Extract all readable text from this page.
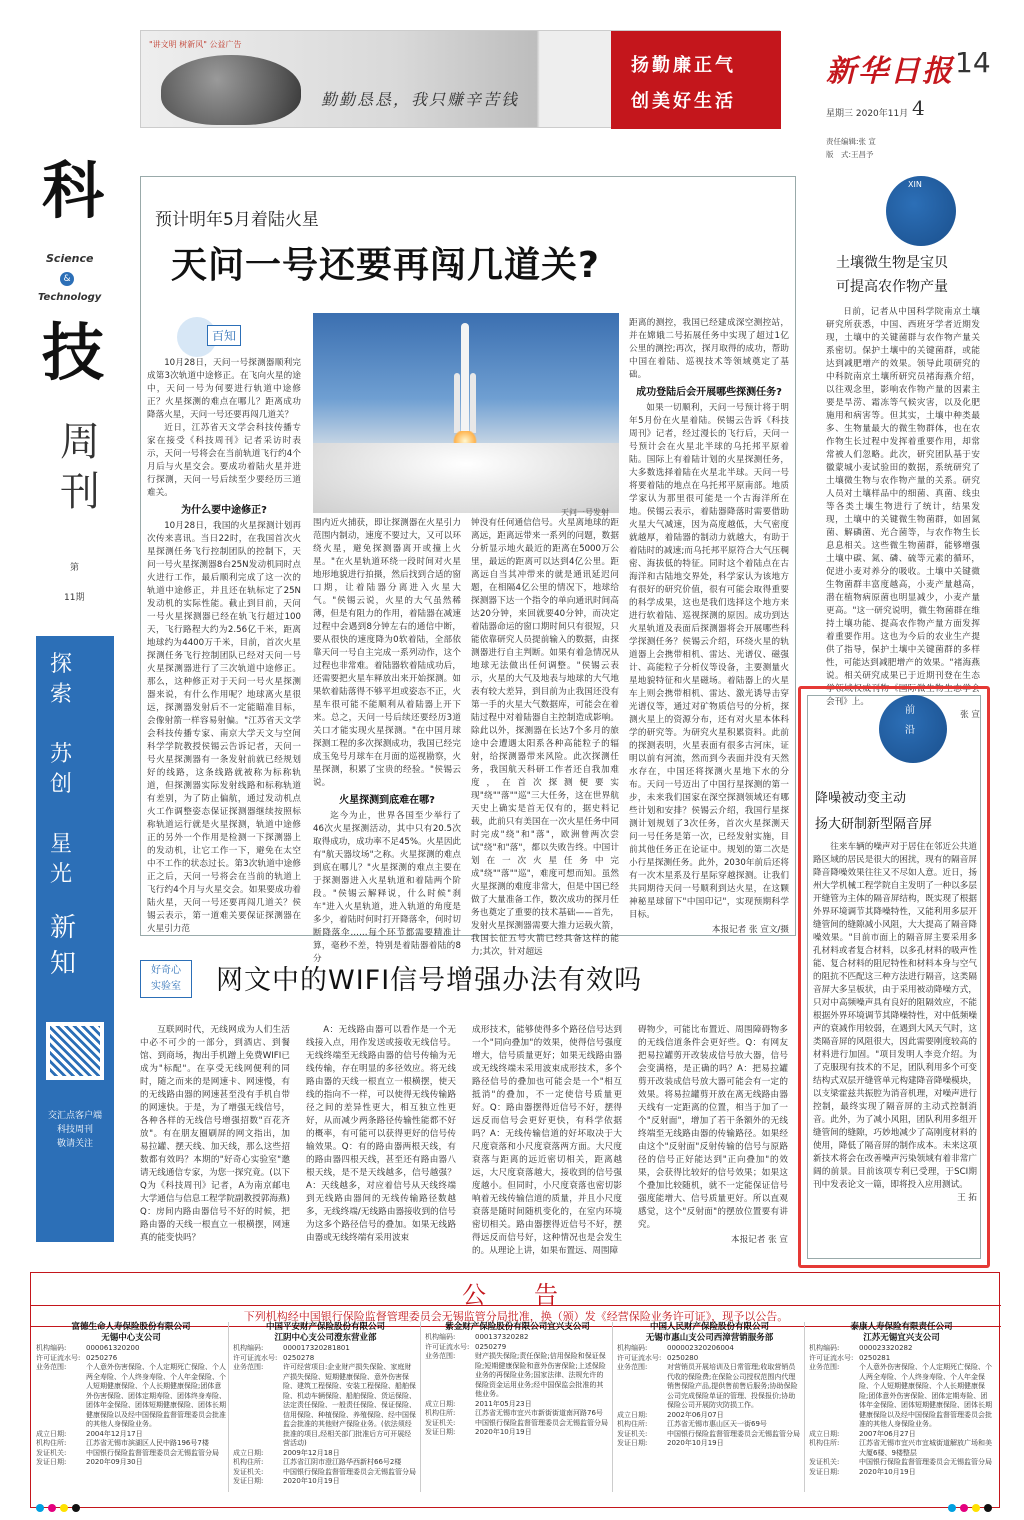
"讲文明 树新风" 公益广告
勤勤恳恳，我只赚辛苦钱
扬勤廉正气
创美好生活
新华日报 14
星期三 2020年11月 4
责任编辑:张 宣
版　式:王昌予
科
Science
&
Technology
技
周
刊
第
11期
探索
苏创
星光
新知
交汇点客户端
科技周刊
敬请关注
预计明年5月着陆火星
天问一号还要再闯几道关?
百知

10月28日，天问一号探测器顺利完成第3次轨道中途修正。在飞向火星的途中，天问一号为何要进行轨道中途修正？火星探测的难点在哪儿？距离成功降落火星，天问一号还要再闯几道关？

近日，江苏省天文学会科技传播专家在接受《科技周刊》记者采访时表示，天问一号将会在当前轨道飞行约4个月后与火星交会。要成功着陆火星并进行探测，天问一号后续至少要经历三道难关。

为什么要中途修正?

10月28日，我国的火星探测计划再次传来喜讯。当日22时，在我国首次火星探测任务飞行控制团队的控制下，天问一号火星探测器8台25N发动机同时点火进行工作，最后顺利完成了这一次的轨道中途修正，并且还在轨标定了25N发动机的实际性能。截止到目前，天问一号火星探测器已经在轨飞行超过100天，飞行路程大约为2.56亿千米，距离地球约为4400万千米，目前，首次火星探测任务飞行控制团队已经对天问一号火星探测器进行了三次轨道中途修正。那么，这种修正对于天问一号火星探测器来说，有什么作用呢？地球离火星很远，探测器发射后不一定能瞄准目标，会像射箭一样容易射偏。"江苏省天文学会科技传播专家、南京大学天文与空间科学学院教授侯锡云告诉记者，天问一号火星探测器有一条发射前就已经规划好的线路，这条线路就被称为标称轨道，但探测器实际发射线路和标称轨道有差别，为了防止偏航，通过发动机点火工作调整姿态保证探测器继续按照标称轨道运行就是火星探测，轨道中途修正的另外一个作用是检测一下探测器上的发动机，让它工作一下，避免在太空中不工作的状态过长。第3次轨道中途修正之后，天问一号将会在当前的轨道上飞行约4个月与火星交会。如果要成功着陆火星，天问一号还要再闯几道关？侯锡云表示，第一道难关要保证探测器在火星引力范

天问一号发射

围内近火捕获，即让探测器在火星引力范围内制动，速度不要过大，又可以环绕火星，避免探测器离开或撞上火星。"在火星轨道环绕一段时间对火星地形地貌进行拍摄，然后找到合适的窗口期，让着陆器分离进入火星大气。"侯锡云说，火星的大气虽然稀薄，但是有阻力的作用，着陆器在减速过程中会遇到8分钟左右的通信中断，要从很快的速度降为0软着陆，全部依靠天问一号自主完成一系列动作，这个过程也非常难。着陆器软着陆成功后，还需要把火星车释放出来开始探测。如果软着陆落得不够平坦或姿态不正，火星车很可能不能顺利从着陆器上开下来。总之，天问一号后续还要经历3道关口才能实现火星探测。"在中国月球探测工程的多次探测成功，我国已经完成玉兔号月球车在月面的巡视勘察，火星探测，积累了宝贵的经验。"侯锡云说。

火星探测到底难在哪?

迄今为止，世界各国至少举行了46次火星探测活动，其中只有20.5次取得成功，成功率不足45%。火星因此有"航天器坟场"之称。火星探测的难点到底在哪儿？"火星探测的难点主要在于探测器进入火星轨道和着陆两个阶段。"侯锡云解释说，什么时候"刹车"进入火星轨道，进入轨道的角度是多少，着陆时何时打开降落伞，何时切断降落伞……每个环节都需要精准计算，毫秒不差，特别是着陆器着陆的8分

钟没有任何通信信号。火星离地球的距离远，距离远带来一系列的问题，数据分析显示地火最近的距离在5000万公里，最远的距离可以达到4亿公里。距离远自当其冲带来的就是通讯延迟问题，在相隔4亿公里的情况下，地球给探测器下达一个指令的单向通讯时间高达20分钟，来回就要40分钟，而决定着陆器命运的窗口期时间只有很短，只能依靠研究人员提前输入的数据，由探测器进行自主判断。如果有着急情况从地球无法做出任何调整。"侯锡云表示，火星的大气及地表与地球的大气地表有较大差异，到目前为止我国还没有第一手的火星大气数据库，可能会在着陆过程中对着陆器自主控制造成影响。除此以外，探测器在长达7个多月的旅途中会遭遇太阳系各种高能粒子的辐射，给探测器带来风险。此次探测任务，我国航天科研工作者还自我加难度，在首次探测便要实现"绕""落""巡"三大任务，这在世界航天史上确实是首无仅有的，据史料记载，此前只有美国在一次火星任务中同时完成"绕"和"落"，欧洲曾两次尝试"绕"和"落"，都以失败告终。中国计划在一次火星任务中完成"绕""落""巡"，难度可想而知。虽然火星探测的难度非常大，但是中国已经做了大量准备工作，数次成功的探月任务也奠定了重要的技术基础——首先，发射火星探测器需要大推力运载火箭，我国长征五号火箭已经具备这样的能力;其次，针对超远

距离的测控，我国已经建成深空测控站，并在嫦娥二号拓展任务中实现了超过1亿公里的测控;再次，探月取得的成功，帮助中国在着陆、巡视技术等领域奠定了基础。

成功登陆后会开展哪些探测任务?

如果一切顺利，天问一号预计将于明年5月份在火星着陆。侯锡云告诉《科技周刊》记者，经过漫长的飞行后，天问一号预计会在火星北半球的乌托邦平原着陆。国际上有着陆计划的火星探测任务，大多数选择着陆在火星北半球。天问一号将要着陆的地点在乌托邦平原南部。地质学家认为那里很可能是一个古海洋所在地。侯锡云表示，着陆器降落时需要借助火星大气减速，因为高度越低，大气密度就越厚，着陆器的制动力就越大，有助于着陆时的减速;而乌托邦平原符合大气压稠密、海拔低的特征。同时这个着陆点在古海洋和古陆地交界处，科学家认为该地方有很好的研究价值，很有可能会取得重要的科学成果，这也是我们选择这个地方来进行软着陆、巡视探测的原因。成功到达火星轨道及表面后探测器将会开展哪些科学探测任务？侯锡云介绍，环绕火星的轨道器上会携带相机、雷达、光谱仪、磁强计、高能粒子分析仪等设备，主要测量火星地貌特征和火星磁场。着陆器上的火星车上则会携带相机、雷达、激光诱导击穿光谱仪等，通过对矿物质信号的分析，探测火星上的资源分布，还有对火星本体科学的研究等。为研究火星积累资料。此前的探测表明，火星表面有很多古河床，证明以前有河流，然而到今表面并没有天然水存在，中国还将探测火星地下水的分布。天问一号迈出了中国行星探测的第一步，未来我们国家在深空探测领域还有哪些计划和安排？侯锡云介绍，我国行星探测计划规划了3次任务，首次火星探测天问一号任务是第一次，已经发射实施，目前其他任务正在论证中。规划的第二次是小行星探测任务。此外，2030年前后还将有一次木星系及行星际穿越探测。让我们共同期待天问一号顺利到达火星，在这颗神秘星球留下"中国印记"，实现预期科学目标。

本报记者 张 宣文/摄
好奇心
实验室	网文中的WIFI信号增强办法有效吗

互联网时代，无线网成为人们生活中必不可少的一部分，到酒店、到餐馆、到商场，掏出手机蹭上免费WIFI已成为"标配"。在享受无线网便利的同时，随之而来的是网速卡、网速慢，有的无线路由器的网速甚至没有手机自带的网速快。于是，为了增强无线信号，各种各样的无线信号增强招数"百花齐放"。有在朋友圈刷屏的网文指出，加易拉罐、摆天线、加天线，那么这些招数都有效吗？本期的"好奇心实验室"邀请无线通信专家，为您一探究竟。(以下Q为《科技周刊》记者，A为南京邮电大学通信与信息工程学院副教授郭海燕) Q：房间内路由器信号不好的时候，把路由器的天线一根直立一根横摆，网速真的能变快吗？

A：无线路由器可以看作是一个无线接入点，用作发送或接收无线信号。无线终端至无线路由器的信号传输为无线传输，存在明显的多径效应。将无线路由器的天线一根直立一根横摆，使天线的指向不一样，可以使得无线传输路径之间的差异性更大，相互独立性更好，从而减少两条路径传输性能都不好的概率，有可能可以获得更好的信号传输效果。Q：有的路由器两根天线，有的路由器四根天线，甚至还有路由器八根天线，是不是天线越多，信号越强？A：天线越多，对应着信号从天线终端到无线路由器间的无线传输路径数越多，无线终端/无线路由器接收到的信号为这多个路径信号的叠加。如果无线路由器或无线终端有采用波束

成形技术，能够使得多个路径信号达到一个"同向叠加"的效果，使得信号强度增大，信号质量更好；如果无线路由器或无线终端未采用波束成形技术，多个路径信号的叠加也可能会是一个"相互抵消"的叠加，不一定使信号质量更好。Q：路由器摆得近信号不好，摆得远反而信号会更好更快，有科学依据吗？A：无线传输信道的好坏取决于大尺度衰落和小尺度衰落两方面。大尺度衰落与距离的远近密切相关，距离越远，大尺度衰落越大，接收到的信号强度越小。但同时，小尺度衰落也密切影响着无线传输信道的质量，并且小尺度衰落是随时间随机变化的，在室内环境密切相关。路由器摆得近信号不好，摆得远反而信号好，这种情况也是会发生的。从理论上讲，如果布置远、周围障

碍物少，可能比布置近、周围障碍物多的无线信道条件会更好些。Q：有网友把易拉罐剪开改装成信号放大器，信号会变满格，是正确的吗？A：把易拉罐剪开改装成信号放大器可能会有一定的效果。将易拉罐剪开放在离无线路由器天线有一定距离的位置，相当于加了一个"反射面"，增加了若干条额外的无线终端至无线路由器的传输路径。如果经由这个"反射面"反射传输的信号与原路径的信号正好能达到"正向叠加"的效果，会获得比较好的信号效果；如果这个叠加比较随机，就不一定能保证信号强度能增大、信号质量更好。所以直观感觉，这个"反射面"的摆放位置要有讲究。

本报记者 张 宣
XIN
土壤微生物是宝贝
可提高农作物产量

日前，记者从中国科学院南京土壤研究所获悉，中国、西班牙学者近期发现，土壤中的关键菌群与农作物产量关系密切。保护土壤中的关键菌群，或能达到减肥增产的效果。领导此项研究的中科院南京土壤所研究员褚海燕介绍，以往观念里，影响农作物产量的因素主要是旱涝、霜冻等气候灾害，以及化肥施用和病害等。但其实，土壤中种类最多、生物量最大的微生物群体，也在农作物生长过程中发挥着重要作用，却常常被人们忽略。此次，研究团队基于安徽蒙城小麦试验田的数据，系统研究了土壤微生物与农作物产量的关系。研究人员对土壤样品中的细菌、真菌、线虫等各类土壤生物进行了统计，结果发现，土壤中的关键微生物菌群，如固氮菌、解磷菌、光合菌等，与农作物生长息息相关。这些微生物菌群，能够增强土壤中碳、氮、磷、硫等元素的循环，促进小麦对养分的吸收。土壤中关键微生物菌群丰富度越高，小麦产量越高，潜在植物病原菌也明显减少，小麦产量更高。"这一研究说明，微生物菌群在维持土壤功能、提高农作物产量方面发挥着重要作用。这也为今后的农业生产提供了指导，保护土壤中关键菌群的多样性，可能达到减肥增产的效果。"褚海燕说。相关研究成果已于近期刊登在生态学领域权威刊物《国际微生物生态学会会刊》上。

张 宣
前
沿
降噪被动变主动
扬大研制新型隔音屏

往来车辆的噪声对于居住在邻近公共道路区域的居民是很大的困扰，现有的隔音屏降音降噪效果往往又不尽如人意。近日，扬州大学机械工程学院自主发明了一种以多层开缝管为主体的隔音屏结构，既实现了根据外界环境调节其降噪特性，又能利用多层开缝管间的缝隙减小风阻，大大提高了隔音降噪效果。"目前市面上的隔音屏主要采用多孔材料或者复合材料，以多孔材料的吸声性能、复合材料的阻尼特性和材料本身与空气的阻抗不匹配这三种方法进行隔音，这类隔音屏大多呈板状，由于采用被动降噪方式，只对中高频噪声具有良好的阻隔效应，不能根据外界环境调节其降噪特性，对中低频噪声的衰减作用较弱，在遇到大风天气时，这类隔音屏的风阻很大，因此需要刚度较高的材料进行加固。"项目发明人李竞介绍。为了克服现有技术的不足，团队利用多个可变结构式双层开缝管单元构建降音降噪模块，以支梁霍兹共振腔为消音机理，对噪声进行控制，最终实现了隔音屏的主动式控制消音。此外，为了减小风阻，团队利用多组开缝管间的缝隙，巧妙地减少了高刚度材料的使用，降低了隔音屏的制作成本。未来这项新技术将会在改善噪声污染领域有着非常广阔的前景。目前该项专利已受理，于SCI期刊中发表论文一篇，即将投入应用测试。

王 拓
公　告
下列机构经中国银行保险监督管理委员会无锡监管分局批准，换（颁）发《经营保险业务许可证》，现予以公告。
富德生命人寿保险股份有限公司
无锡中心支公司
机构编码:	000061320200
许可证流水号: 0250276
业务范围:	个人意外伤害保险、个人定期死亡保险、个人两全寿险、个人终身寿险、个人年金保险、个人短期健康保险、个人长期健康保险;团体意外伤害保险、团体定期寿险、团体终身寿险、团体年金保险、团体短期健康保险、团体长期健康保险以及经中国保险监督管理委员会批准的其他人身保险业务。
成立日期:	2004年12月17日
机构住所:	江苏省无锡市滨湖区人民中路196号7楼
发证机关:	中国银行保险监督管理委员会无锡监管分局
发证日期:	2020年09月30日
中国平安财产保险股份有限公司
江阴中心支公司澄东营业部
机构编码:	000017320281801
许可证流水号: 0250278
业务范围:	许可经营项目:企业财产损失保险、家庭财产损失保险、短期健康保险、意外伤害保险、建筑工程保险、安装工程保险、船舶保险、机动车辆保险、船舶保险、货运保险、法定责任保险、一般责任保险、保证保险、信用保险、种植保险、养殖保险、经中国保监会批准的其他财产保险业务。(依法须经批准的项目,经相关部门批准后方可开展经营活动)
成立日期:	2009年12月18日
机构住所:	江苏省江阴市澄江路华西新村66号2楼
发证机关:	中国银行保险监督管理委员会无锡监管分局
发证日期:	2020年10月19日
紫金财产保险股份有限公司宜兴支公司
机构编码:	000137320282
许可证流水号: 0250279
业务范围:	财产损失保险;责任保险;信用保险和保证保险;短期健康保险和意外伤害保险;上述保险业务的再保险业务;国家法律、法规允许的保险资金运用业务;经中国保监会批准的其他业务。
成立日期:	2011年05月23日
机构住所:	江苏省无锡市宜兴市新街街道南河路76号
发证机关:	中国银行保险监督管理委员会无锡监管分局
发证日期:	2020年10月19日
中国人民财产保险股份有限公司
无锡市惠山支公司西漳营销服务部
机构编码:	000002320206004
许可证流水号: 0250280
业务范围:	对营销员开展培训及日常管理;收取营销员代收的保险费;在保险公司授权范围内代理销售保险产品,提供售前售后服务;协助保险公司完成保险单证的管理、投保报价;协助保险公司开展防灾防损工作。
成立日期:	2002年06月07日
机构住所:	江苏省无锡市惠山区天一街69号
发证机关:	中国银行保险监督管理委员会无锡监管分局
发证日期:	2020年10月19日
泰康人寿保险有限责任公司
江苏无锡宜兴支公司
机构编码:	000023320282
许可证流水号: 0250281
业务范围:	个人意外伤害保险、个人定期死亡保险、个人两全寿险、个人终身寿险、个人年金保险、个人短期健康保险、个人长期健康保险;团体意外伤害保险、团体定期寿险、团体年金保险、团体短期健康保险、团体长期健康保险以及经中国保险监督管理委员会批准的其他人身保险业务。
成立日期:	2007年06月27日
机构住所:	江苏省无锡市宜兴市宜城街道解放广场和美大厦6楼、9楼整层
发证机关:	中国银行保险监督管理委员会无锡监管分局
发证日期:	2020年10月19日
